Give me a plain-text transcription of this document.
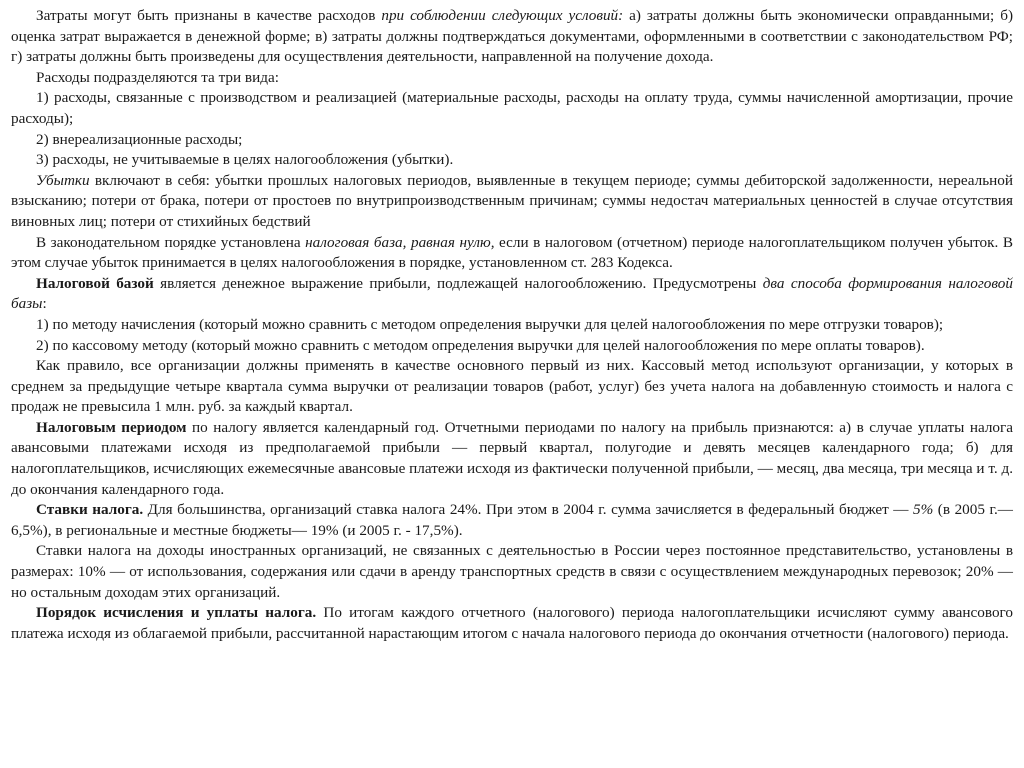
Затраты могут быть признаны в качестве расходов при соблюдении следующих условий: а) затраты должны быть экономически оправданными; б) оценка затрат выражается в денежной форме; в) затраты должны подтверждаться документами, оформленными в соответствии с законодательством РФ; г) затраты должны быть произведены для осуществления деятельности, направленной на получение дохода.

Расходы подразделяются та три вида:

1) расходы, связанные с производством и реализацией (материальные расходы, расходы на оплату труда, суммы начисленной амортизации, прочие расходы);

2) внереализационные расходы;

3) расходы, не учитываемые в целях налогообложения (убытки).

Убытки включают в себя: убытки прошлых налоговых периодов, выявленные в текущем периоде; суммы дебиторской задолженности, нереальной взысканию; потери от брака, потери от простоев по внутрипроизводственным причинам; суммы недостач материальных ценностей в случае отсутствия виновных лиц; потери от стихийных бедствий

В законодательном порядке установлена налоговая база, равная нулю, если в налоговом (отчетном) периоде налогоплательщиком получен убыток. В этом случае убыток принимается в целях налогообложения в порядке, установленном ст. 283 Кодекса.

Налоговой базой является денежное выражение прибыли, подлежащей налогообложению. Предусмотрены два способа формирования налоговой базы:

1) по методу начисления (который можно сравнить с методом определения выручки для целей налогообложения по мере отгрузки товаров);

2) по кассовому методу (который можно сравнить с методом определения выручки для целей налогообложения по мере оплаты товаров).

Как правило, все организации должны применять в качестве основного первый из них. Кассовый метод используют организации, у которых в среднем за предыдущие четыре квартала сумма выручки от реализации товаров (работ, услуг) без учета налога на добавленную стоимость и налога с продаж не превысила 1 млн. руб. за каждый квартал.

Налоговым периодом по налогу является календарный год. Отчетными периодами по налогу на прибыль признаются: а) в случае уплаты налога авансовыми платежами исходя из предполагаемой прибыли — первый квартал, полугодие и девять месяцев календарного года; б) для налогоплательщиков, исчисляющих ежемесячные авансовые платежи исходя из фактически полученной прибыли, — месяц, два месяца, три месяца и т. д. до окончания календарного года.

Ставки налога. Для большинства, организаций ставка налога 24%. При этом в 2004 г. сумма зачисляется в федеральный бюджет — 5% (в 2005 г.— 6,5%), в региональные и местные бюджеты— 19% (и 2005 г. - 17,5%).

Ставки налога на доходы иностранных организаций, не связанных с деятельностью в России через постоянное представительство, установлены в размерах: 10% — от использования, содержания или сдачи в аренду транспортных средств в связи с осуществлением международных перевозок; 20% — но остальным доходам этих организаций.

Порядок исчисления и уплаты налога. По итогам каждого отчетного (налогового) периода налогоплательщики исчисляют сумму авансового платежа исходя из облагаемой прибыли, рассчитанной нарастающим итогом с начала налогового периода до окончания отчетности (налогового) периода.
